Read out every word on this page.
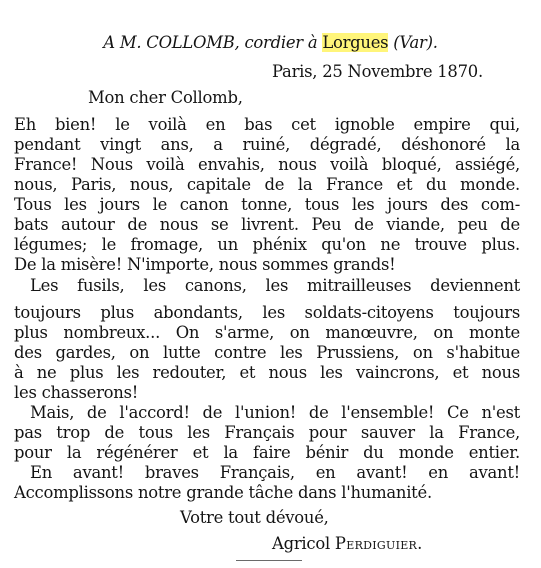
A M. COLLOMB, cordier à Lorgues (Var).
Paris, 25 Novembre 1870.
Mon cher Collomb,
Eh bien! le voilà en bas cet ignoble empire qui,
pendant vingt ans, a ruiné, dégradé, déshonoré la
France! Nous voilà envahis, nous voilà bloqué, assiégé,
nous, Paris, nous, capitale de la France et du monde.
Tous les jours le canon tonne, tous les jours des com-
bats autour de nous se livrent. Peu de viande, peu de
légumes; le fromage, un phénix qu'on ne trouve plus.
De la misère! N'importe, nous sommes grands!
Les fusils, les canons, les mitrailleuses deviennent
toujours plus abondants, les soldats-citoyens toujours
plus nombreux... On s'arme, on manœuvre, on monte
des gardes, on lutte contre les Prussiens, on s'habitue
à ne plus les redouter, et nous les vaincrons, et nous
les chasserons!
Mais, de l'accord! de l'union! de l'ensemble! Ce n'est
pas trop de tous les Français pour sauver la France,
pour la régénérer et la faire bénir du monde entier.
En avant! braves Français, en avant! en avant!
Accomplissons notre grande tâche dans l'humanité.
Votre tout dévoué,
Agricol Perdiguier.
